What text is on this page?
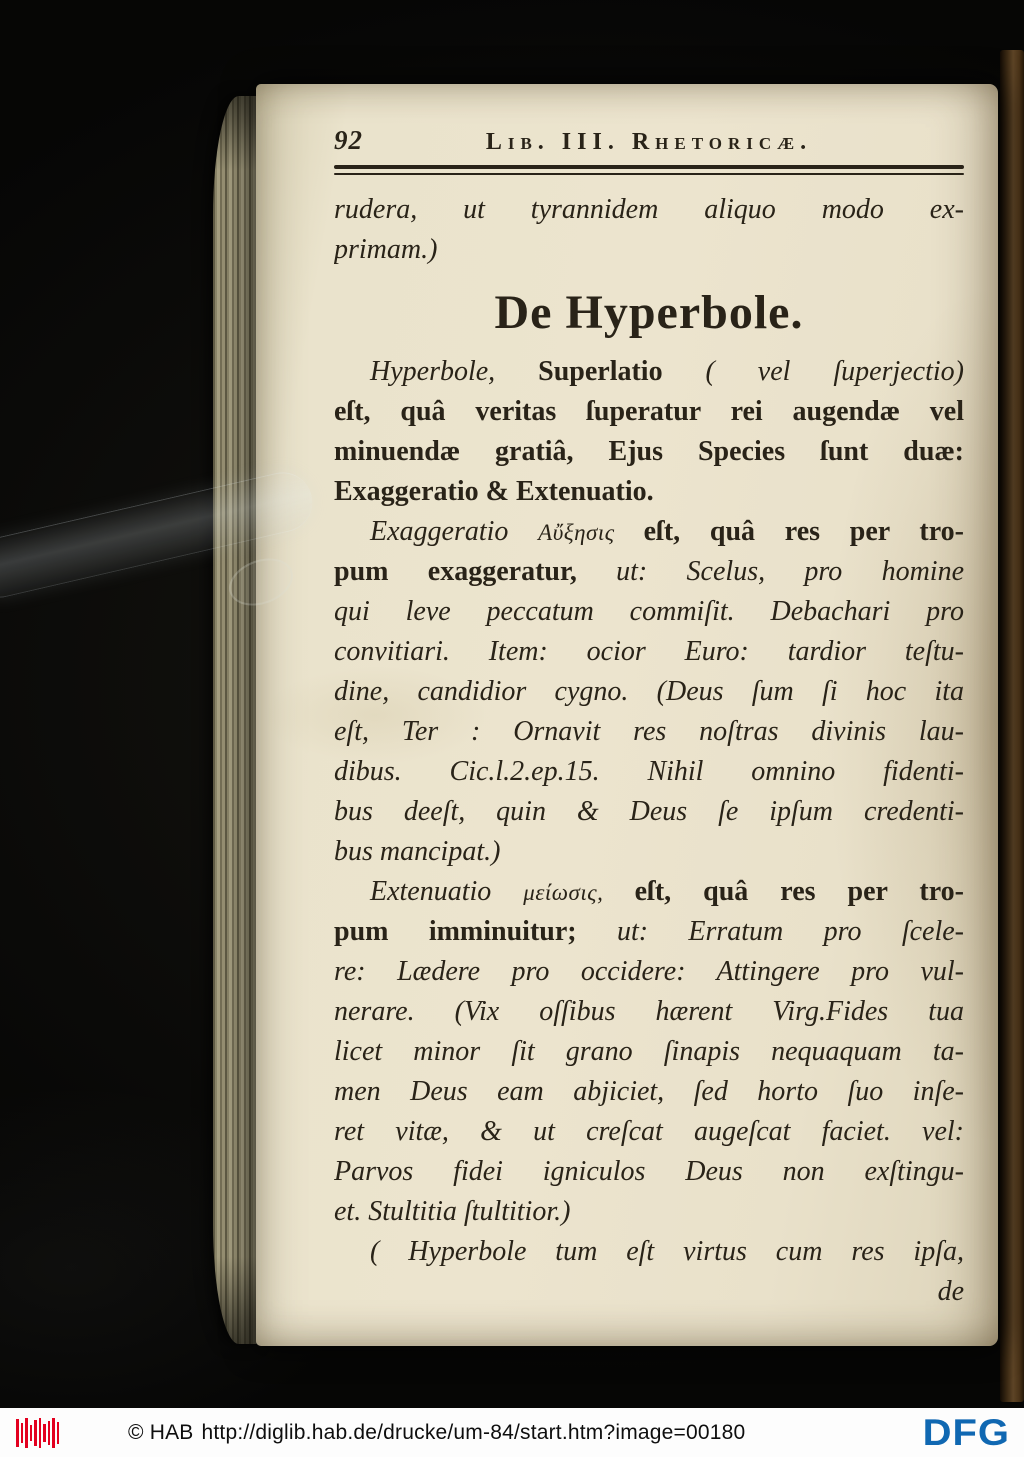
92	Lib. III. Rhetoricæ.
rudera, ut tyrannidem aliquo modo ex-
primam.)
De Hyperbole.
Hyperbole, Superlatio ( vel ſuperjectio)
eſt, quâ veritas ſuperatur rei augendæ vel
minuendæ gratiâ, Ejus Species ſunt duæ:
Exaggeratio & Extenuatio.
Exaggeratio Αὔξησις eſt, quâ res per tro-
pum exaggeratur, ut: Scelus, pro homine
qui leve peccatum commiſit. Debachari pro
convitiari. Item: ocior Euro: tardior teſtu-
dine, candidior cygno. (Deus ſum ſi hoc ita
eſt, Ter : Ornavit res noſtras divinis lau-
dibus. Cic.l.2.ep.15. Nihil omnino fidenti-
bus deeſt, quin & Deus ſe ipſum credenti-
bus mancipat.)
Extenuatio μείωσις, eſt, quâ res per tro-
pum imminuitur; ut: Erratum pro ſcele-
re: Lædere pro occidere: Attingere pro vul-
nerare. (Vix oſſibus hærent Virg.Fides tua
licet minor ſit grano ſinapis nequaquam ta-
men Deus eam abjiciet, ſed horto ſuo inſe-
ret vitæ, & ut creſcat augeſcat faciet. vel:
Parvos fidei igniculos Deus non exſtingu-
et. Stultitia ſtultitior.)
( Hyperbole tum eſt virtus cum res ipſa,
de
© HAB http://diglib.hab.de/drucke/um-84/start.htm?image=00180	DFG
